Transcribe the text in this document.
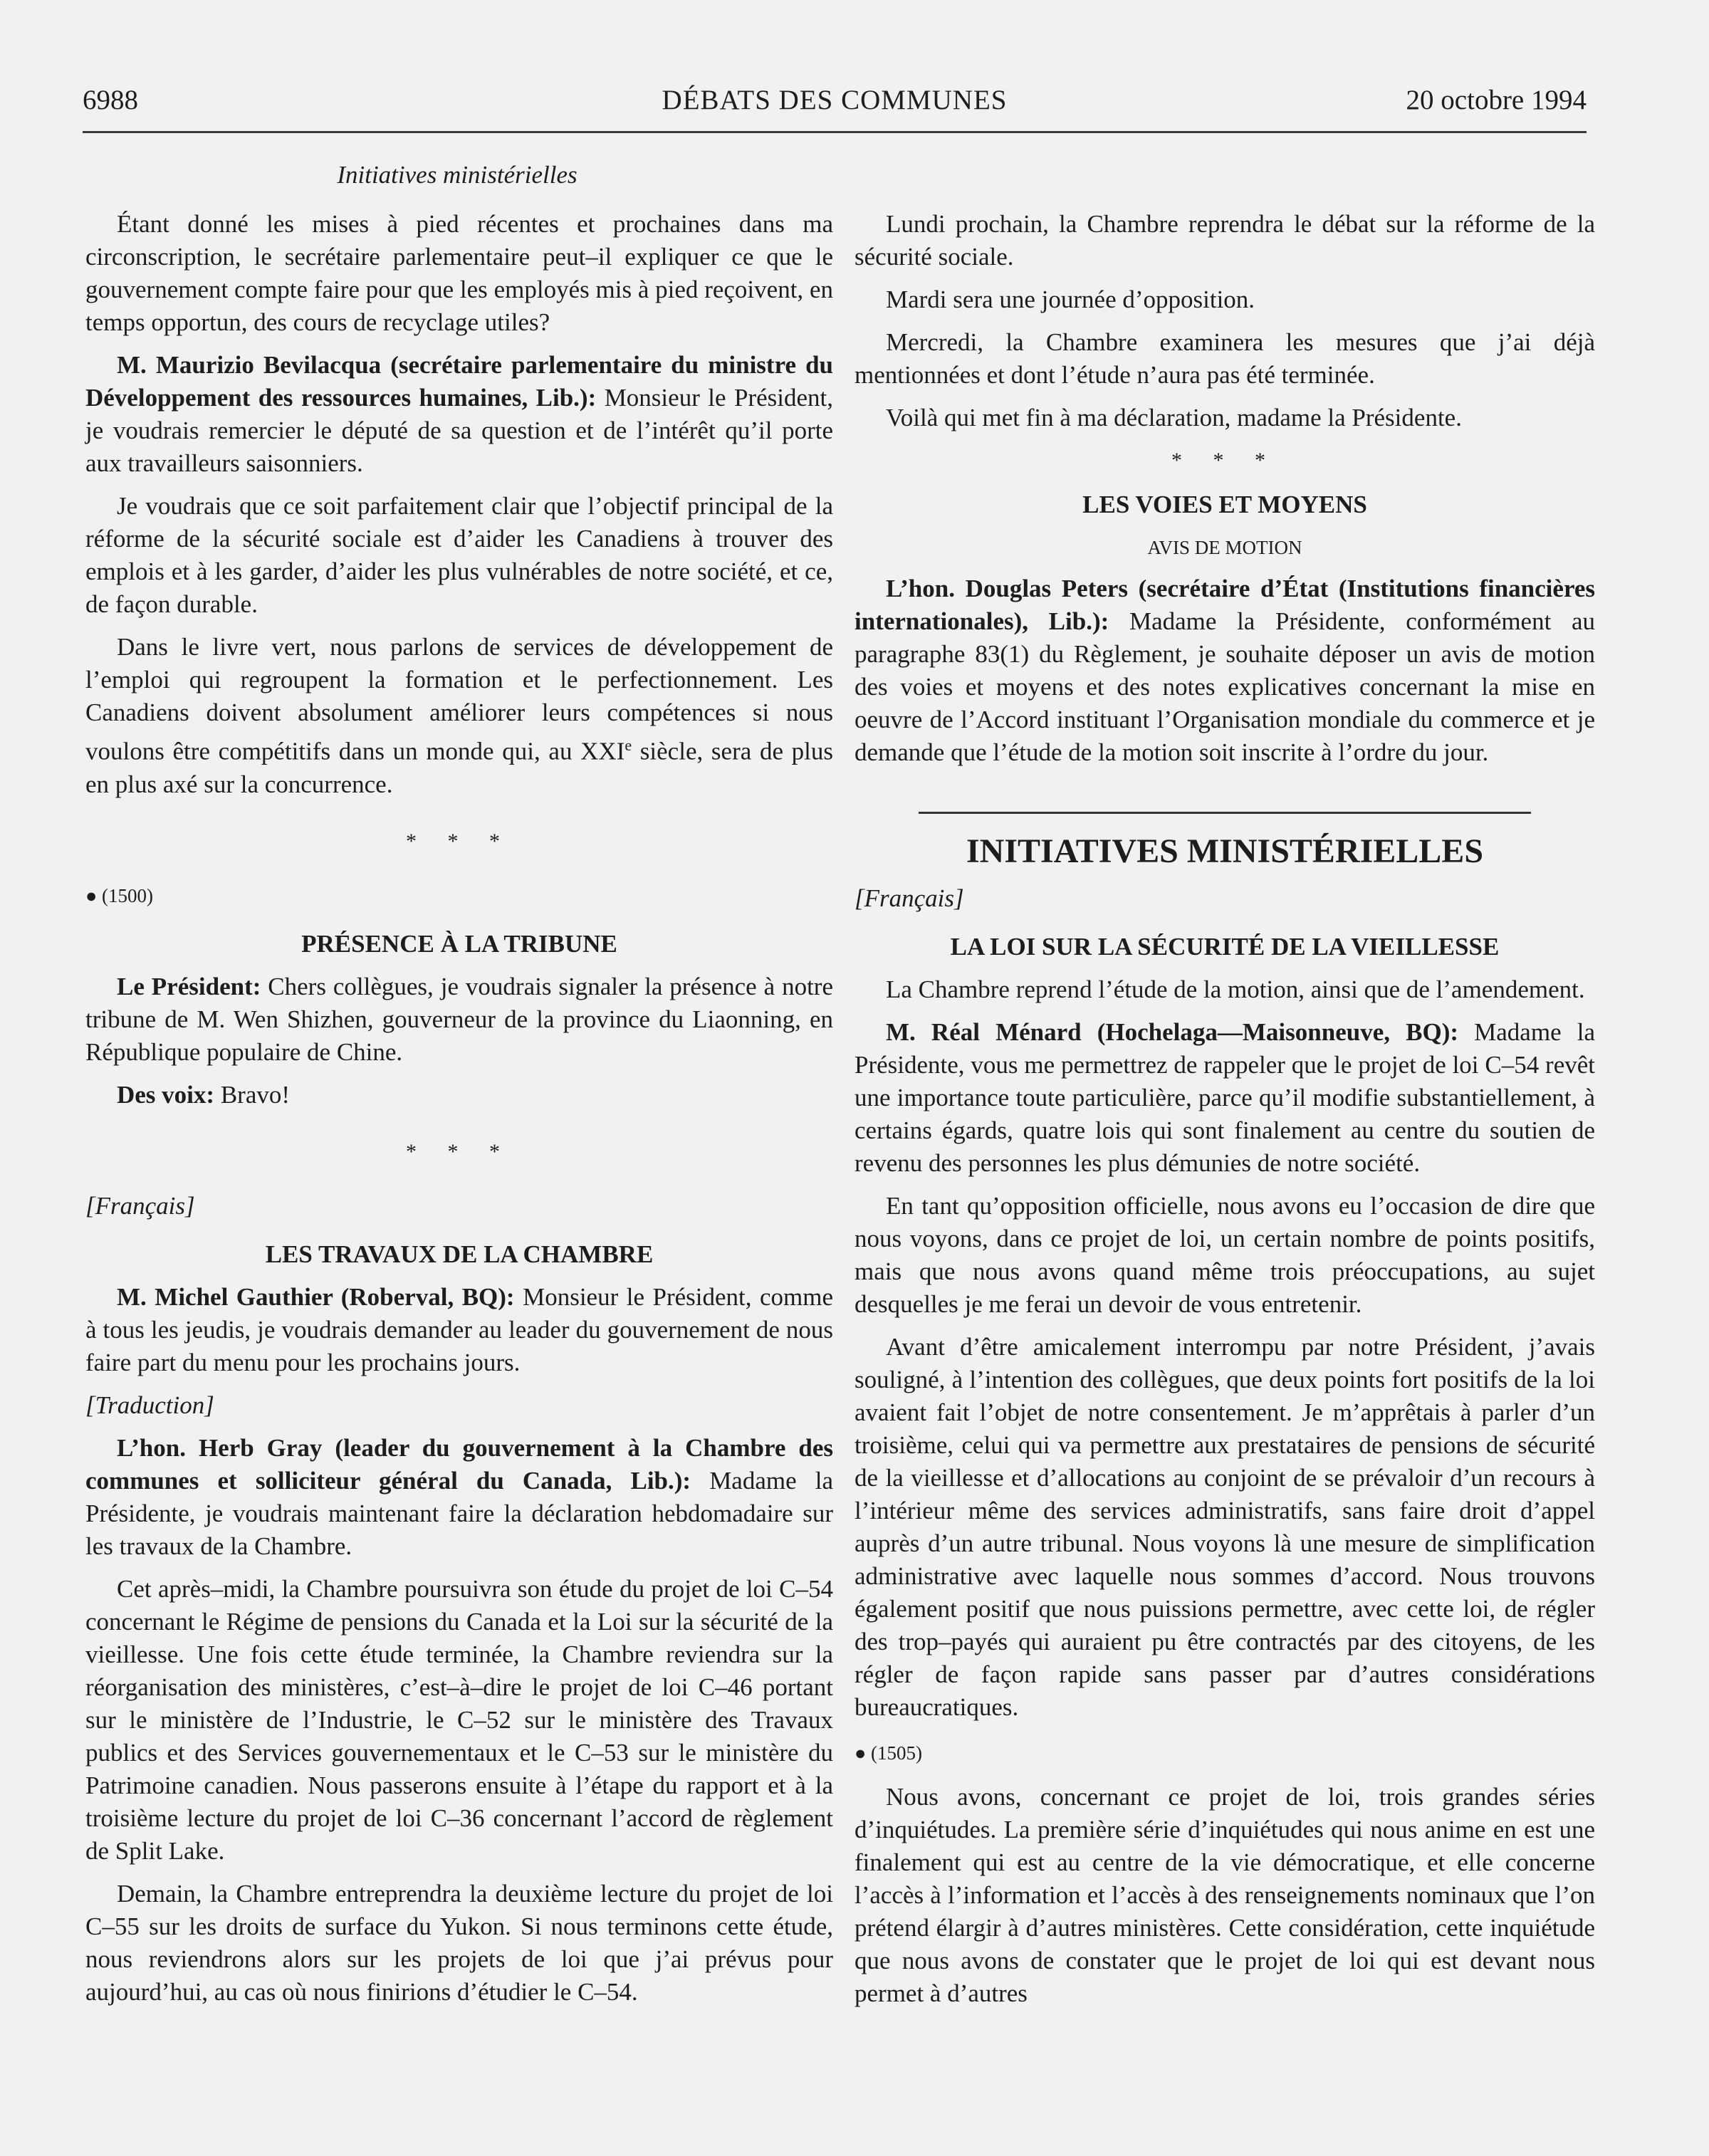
6988	DÉBATS DES COMMUNES	20 octobre 1994
Initiatives ministérielles

Étant donné les mises à pied récentes et prochaines dans ma circonscription, le secrétaire parlementaire peut–il expliquer ce que le gouvernement compte faire pour que les employés mis à pied reçoivent, en temps opportun, des cours de recyclage utiles?

M. Maurizio Bevilacqua (secrétaire parlementaire du ministre du Développement des ressources humaines, Lib.): Monsieur le Président, je voudrais remercier le député de sa question et de l’intérêt qu’il porte aux travailleurs saisonniers.

Je voudrais que ce soit parfaitement clair que l’objectif principal de la réforme de la sécurité sociale est d’aider les Canadiens à trouver des emplois et à les garder, d’aider les plus vulnérables de notre société, et ce, de façon durable.

Dans le livre vert, nous parlons de services de développement de l’emploi qui regroupent la formation et le perfectionnement. Les Canadiens doivent absolument améliorer leurs compétences si nous voulons être compétitifs dans un monde qui, au XXIe siècle, sera de plus en plus axé sur la concurrence.

* * *
● (1500)
PRÉSENCE À LA TRIBUNE

Le Président: Chers collègues, je voudrais signaler la présence à notre tribune de M. Wen Shizhen, gouverneur de la province du Liaonning, en République populaire de Chine.

Des voix: Bravo!

* * *
[Français]
LES TRAVAUX DE LA CHAMBRE

M. Michel Gauthier (Roberval, BQ): Monsieur le Président, comme à tous les jeudis, je voudrais demander au leader du gouvernement de nous faire part du menu pour les prochains jours.

[Traduction]

L’hon. Herb Gray (leader du gouvernement à la Chambre des communes et solliciteur général du Canada, Lib.): Madame la Présidente, je voudrais maintenant faire la déclaration hebdomadaire sur les travaux de la Chambre.

Cet après–midi, la Chambre poursuivra son étude du projet de loi C–54 concernant le Régime de pensions du Canada et la Loi sur la sécurité de la vieillesse. Une fois cette étude terminée, la Chambre reviendra sur la réorganisation des ministères, c’est–à–dire le projet de loi C–46 portant sur le ministère de l’Industrie, le C–52 sur le ministère des Travaux publics et des Services gouvernementaux et le C–53 sur le ministère du Patrimoine canadien. Nous passerons ensuite à l’étape du rapport et à la troisième lecture du projet de loi C–36 concernant l’accord de règlement de Split Lake.

Demain, la Chambre entreprendra la deuxième lecture du projet de loi C–55 sur les droits de surface du Yukon. Si nous terminons cette étude, nous reviendrons alors sur les projets de loi que j’ai prévus pour aujourd’hui, au cas où nous finirions d’étudier le C–54.

Lundi prochain, la Chambre reprendra le débat sur la réforme de la sécurité sociale.

Mardi sera une journée d’opposition.

Mercredi, la Chambre examinera les mesures que j’ai déjà mentionnées et dont l’étude n’aura pas été terminée.

Voilà qui met fin à ma déclaration, madame la Présidente.

* * *
LES VOIES ET MOYENS
AVIS DE MOTION

L’hon. Douglas Peters (secrétaire d’État (Institutions financières internationales), Lib.): Madame la Présidente, conformément au paragraphe 83(1) du Règlement, je souhaite déposer un avis de motion des voies et moyens et des notes explicatives concernant la mise en oeuvre de l’Accord instituant l’Organisation mondiale du commerce et je demande que l’étude de la motion soit inscrite à l’ordre du jour.

INITIATIVES MINISTÉRIELLES
[Français]
LA LOI SUR LA SÉCURITÉ DE LA VIEILLESSE

La Chambre reprend l’étude de la motion, ainsi que de l’amendement.

M. Réal Ménard (Hochelaga—Maisonneuve, BQ): Madame la Présidente, vous me permettrez de rappeler que le projet de loi C–54 revêt une importance toute particulière, parce qu’il modifie substantiellement, à certains égards, quatre lois qui sont finalement au centre du soutien de revenu des personnes les plus démunies de notre société.

En tant qu’opposition officielle, nous avons eu l’occasion de dire que nous voyons, dans ce projet de loi, un certain nombre de points positifs, mais que nous avons quand même trois préoccupations, au sujet desquelles je me ferai un devoir de vous entretenir.

Avant d’être amicalement interrompu par notre Président, j’avais souligné, à l’intention des collègues, que deux points fort positifs de la loi avaient fait l’objet de notre consentement. Je m’apprêtais à parler d’un troisième, celui qui va permettre aux prestataires de pensions de sécurité de la vieillesse et d’allocations au conjoint de se prévaloir d’un recours à l’intérieur même des services administratifs, sans faire droit d’appel auprès d’un autre tribunal. Nous voyons là une mesure de simplification administrative avec laquelle nous sommes d’accord. Nous trouvons également positif que nous puissions permettre, avec cette loi, de régler des trop–payés qui auraient pu être contractés par des citoyens, de les régler de façon rapide sans passer par d’autres considérations bureaucratiques.

● (1505)

Nous avons, concernant ce projet de loi, trois grandes séries d’inquiétudes. La première série d’inquiétudes qui nous anime en est une finalement qui est au centre de la vie démocratique, et elle concerne l’accès à l’information et l’accès à des renseignements nominaux que l’on prétend élargir à d’autres ministères. Cette considération, cette inquiétude que nous avons de constater que le projet de loi qui est devant nous permet à d’autres
